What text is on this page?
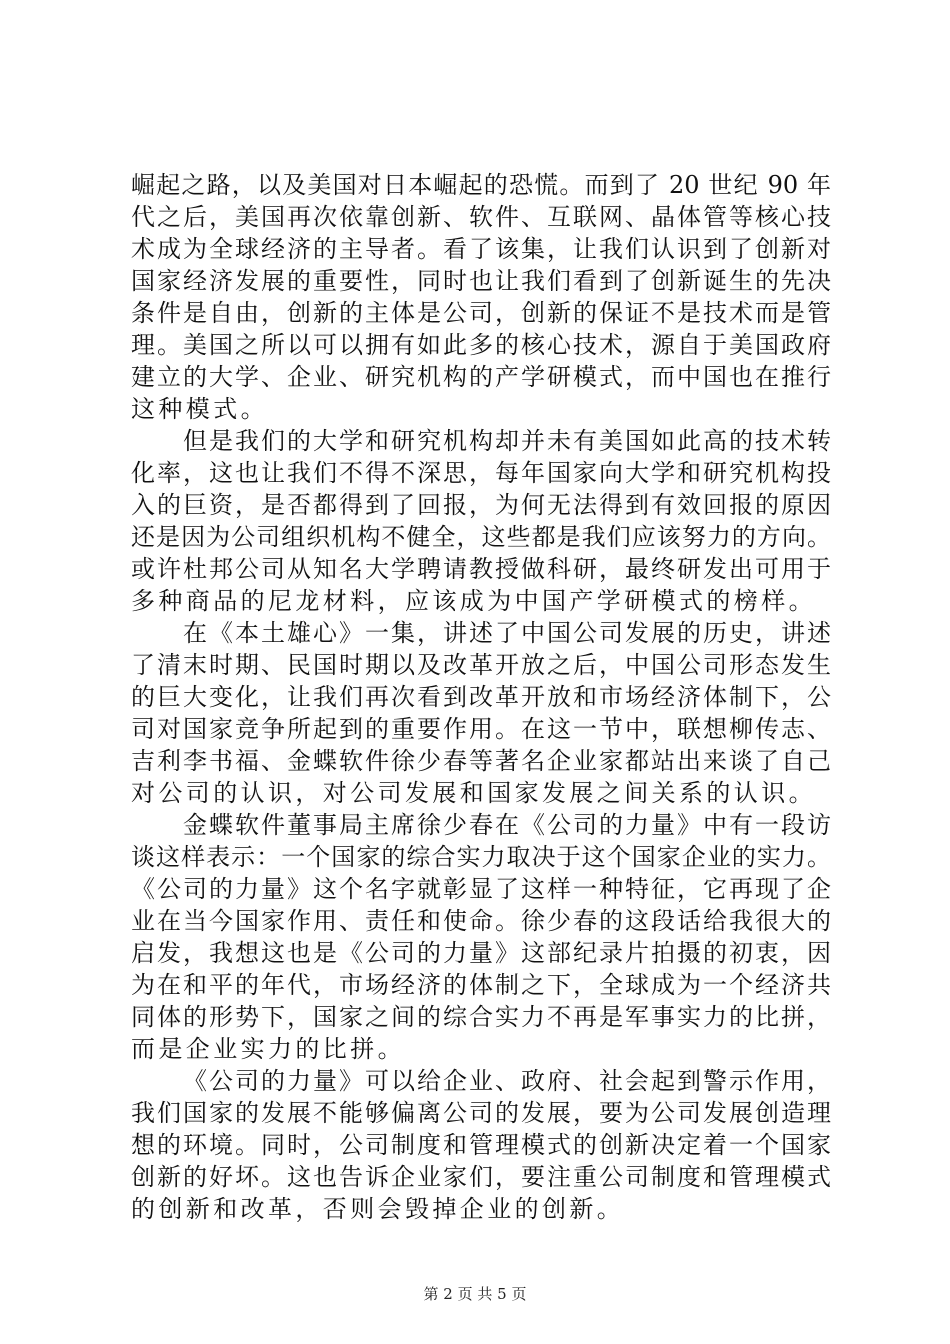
崛起之路，以及美国对日本崛起的恐慌。而到了 20 世纪 90 年
代之后，美国再次依靠创新、软件、互联网、晶体管等核心技
术成为全球经济的主导者。看了该集，让我们认识到了创新对
国家经济发展的重要性，同时也让我们看到了创新诞生的先决
条件是自由，创新的主体是公司，创新的保证不是技术而是管
理。美国之所以可以拥有如此多的核心技术，源自于美国政府
建立的大学、企业、研究机构的产学研模式，而中国也在推行
这种模式。
但是我们的大学和研究机构却并未有美国如此高的技术转
化率，这也让我们不得不深思，每年国家向大学和研究机构投
入的巨资，是否都得到了回报，为何无法得到有效回报的原因
还是因为公司组织机构不健全，这些都是我们应该努力的方向。
或许杜邦公司从知名大学聘请教授做科研，最终研发出可用于
多种商品的尼龙材料，应该成为中国产学研模式的榜样。
在《本土雄心》一集，讲述了中国公司发展的历史，讲述
了清末时期、民国时期以及改革开放之后，中国公司形态发生
的巨大变化，让我们再次看到改革开放和市场经济体制下，公
司对国家竞争所起到的重要作用。在这一节中，联想柳传志、
吉利李书福、金蝶软件徐少春等著名企业家都站出来谈了自己
对公司的认识，对公司发展和国家发展之间关系的认识。
金蝶软件董事局主席徐少春在《公司的力量》中有一段访
谈这样表示：一个国家的综合实力取决于这个国家企业的实力。
《公司的力量》这个名字就彰显了这样一种特征，它再现了企
业在当今国家作用、责任和使命。徐少春的这段话给我很大的
启发，我想这也是《公司的力量》这部纪录片拍摄的初衷，因
为在和平的年代，市场经济的体制之下，全球成为一个经济共
同体的形势下，国家之间的综合实力不再是军事实力的比拼，
而是企业实力的比拼。
《公司的力量》可以给企业、政府、社会起到警示作用，
我们国家的发展不能够偏离公司的发展，要为公司发展创造理
想的环境。同时，公司制度和管理模式的创新决定着一个国家
创新的好坏。这也告诉企业家们，要注重公司制度和管理模式
的创新和改革，否则会毁掉企业的创新。
第 2 页 共 5 页
